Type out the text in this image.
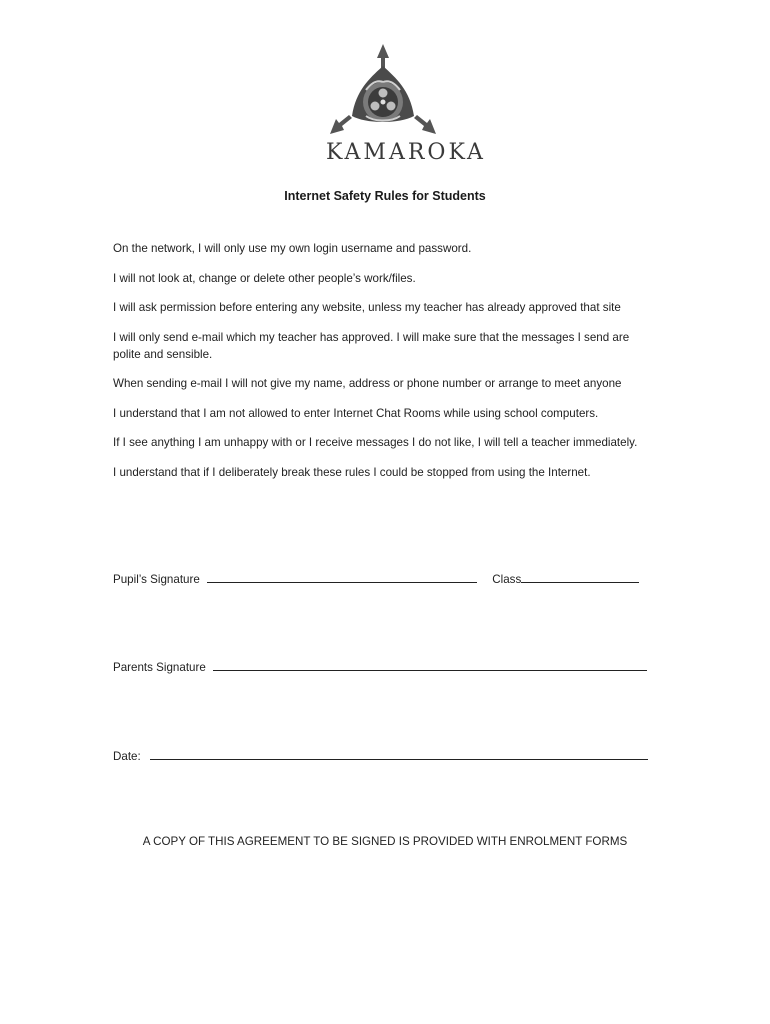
KAMAROKA
Internet Safety Rules for Students
On the network, I will only use my own login username and password.
I will not look at, change or delete other people’s work/files.
I will ask permission before entering any website, unless my teacher has already approved that site
I will only send e-mail which my teacher has approved. I will make sure that the messages I send are polite and sensible.
When sending e-mail I will not give my name, address or phone number or arrange to meet anyone
I understand that I am not allowed to enter Internet Chat Rooms while using school computers.
If I see anything I am unhappy with or I receive messages I do not like, I will tell a teacher immediately.
I understand that if I deliberately break these rules I could be stopped from using the Internet.
Pupil’s Signature	Class
Parents Signature
Date:
A COPY OF THIS AGREEMENT TO BE SIGNED IS PROVIDED WITH ENROLMENT FORMS
